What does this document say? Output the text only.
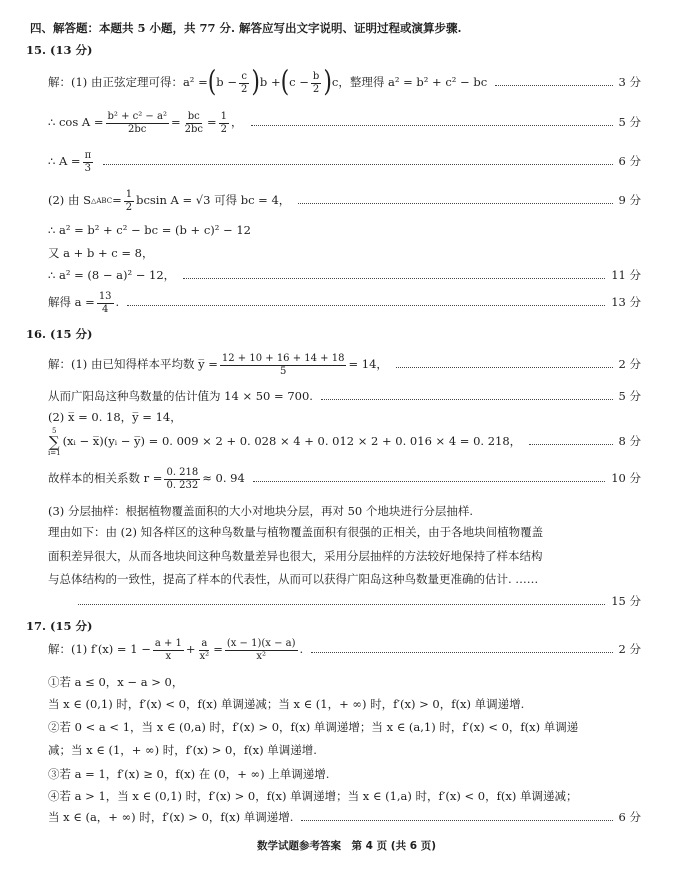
四、解答题：本题共 5 小题，共 77 分. 解答应写出文字说明、证明过程或演算步骤.
15. (13 分)
解：(1) 由正弦定理可得：a² = ( $b - \frac{c}{2}$ ) b + ( $c - \frac{b}{2}$ ) c，整理得 a² = b² + c² − bc	3 分
∴ $\cos A = \frac{\text{b² + c² − a²}}{2bc} = \frac{bc}{2bc} = \frac{1}{2}$ ，	5 分
∴ $A = \frac{\pi}{3}$	6 分
(2) 由 S △ABC = $\frac{1}{2}$ bcsin A = √3 可得 bc = 4，	9 分
∴ a² = b² + c² − bc = (b + c)² − 12
又 a + b + c = 8，
∴ a² = (8 − a)² − 12，	11 分
解得 $a = \frac{13}{4}$ .	13 分
16. (15 分)
解：(1) 由已知得样本平均数 y̅ = $\frac{12 + 10 + 16 + 14 + 18}{5} = 14$，	2 分
从而广阳岛这种鸟数量的估计值为 14 × 50 = 700.	5 分
(2) x̅ = 0. 18，y̅ = 14，
5
∑
i=1
(xᵢ − x̅)(yᵢ − y̅) = 0. 009 × 2 + 0. 028 × 4 + 0. 012 × 2 + 0. 016 × 4 = 0. 218，	8 分
故样本的相关系数 $r = \frac{0. 218}{0. 232} \approx 0$. 94	10 分
(3) 分层抽样：根据植物覆盖面积的大小对地块分层，再对 50 个地块进行分层抽样.
理由如下：由 (2) 知各样区的这种鸟数量与植物覆盖面积有很强的正相关，由于各地块间植物覆盖
面积差异很大，从而各地块间这种鸟数量差异也很大，采用分层抽样的方法较好地保持了样本结构
与总体结构的一致性，提高了样本的代表性，从而可以获得广阳岛这种鸟数量更准确的估计. ……
15 分
17. (15 分)
解：(1) $f'(x) = 1 - \frac{a + 1}{x} + \frac{a}{\text{x²}} = \frac{(x - 1)(x - a)}{\text{x²}}$ .	2 分
①若 a ≤ 0，x − a > 0，
当 x ∈ (0,1) 时，f′(x) < 0，f(x) 单调递减；当 x ∈ (1，+ ∞) 时，f′(x) > 0，f(x) 单调递增.
②若 0 < a < 1，当 x ∈ (0,a) 时，f′(x) > 0，f(x) 单调递增；当 x ∈ (a,1) 时，f′(x) < 0，f(x) 单调递
减；当 x ∈ (1，+ ∞) 时，f′(x) > 0，f(x) 单调递增.
③若 a = 1，f′(x) ≥ 0，f(x) 在 (0，+ ∞) 上单调递增.
④若 a > 1，当 x ∈ (0,1) 时，f′(x) > 0，f(x) 单调递增；当 x ∈ (1,a) 时，f′(x) < 0，f(x) 单调递减；
当 x ∈ (a，+ ∞) 时，f′(x) > 0，f(x) 单调递增.	6 分
数学试题参考答案　第 4 页 (共 6 页)
